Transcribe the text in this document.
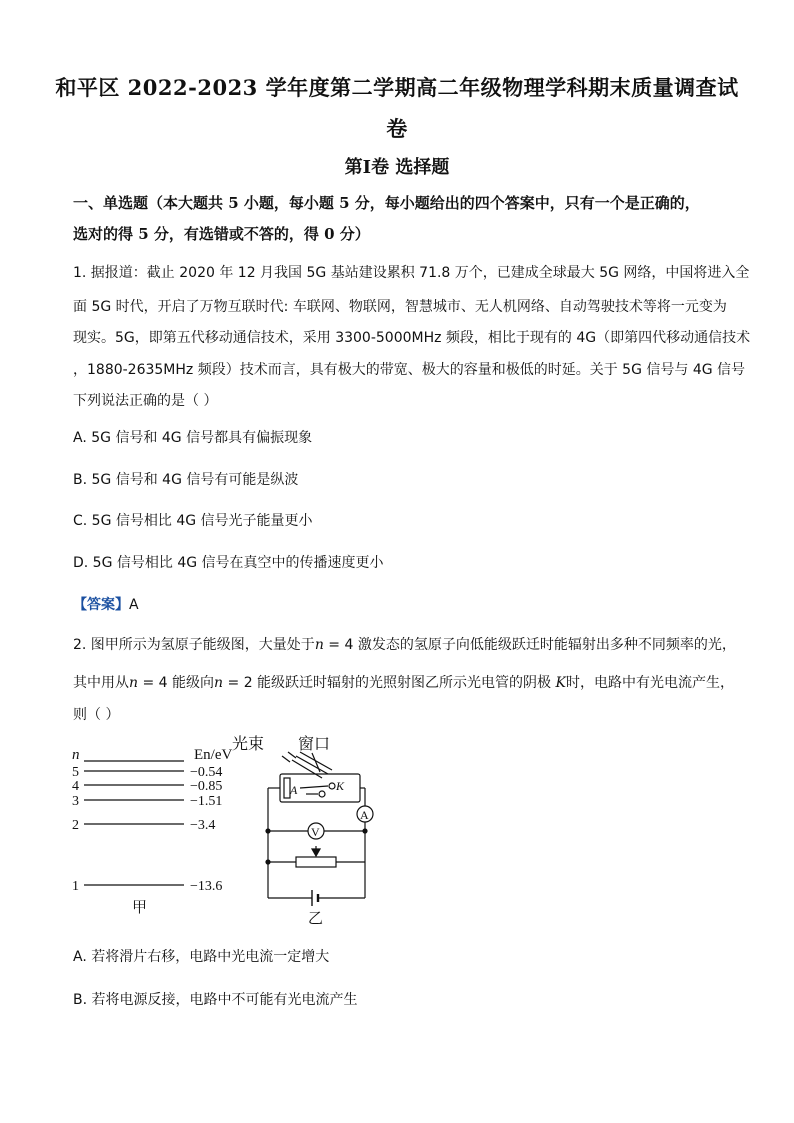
和平区 2022-2023 学年度第二学期高二年级物理学科期末质量调查试
卷
第Ⅰ卷 选择题
一、单选题（本大题共 5 小题，每小题 5 分，每小题给出的四个答案中，只有一个是正确的，
选对的得 5 分，有选错或不答的，得 0 分）
1. 据报道：截止 2020 年 12 月我国 5G 基站建设累积 71.8 万个，已建成全球最大 5G 网络，中国将进入全
面 5G 时代，开启了万物互联时代: 车联网、物联网，智慧城市、无人机网络、自动驾驶技术等将一元变为
现实。5G，即第五代移动通信技术，采用 3300-5000MHz 频段，相比于现有的 4G（即第四代移动通信技术
，1880-2635MHz 频段）技术而言，具有极大的带宽、极大的容量和极低的时延。关于 5G 信号与 4G 信号
下列说法正确的是（ ）
A. 5G 信号和 4G 信号都具有偏振现象
B. 5G 信号和 4G 信号有可能是纵波
C. 5G 信号相比 4G 信号光子能量更小
D. 5G 信号相比 4G 信号在真空中的传播速度更小
【答案】A
2. 图甲所示为氢原子能级图，大量处于n = 4 激发态的氢原子向低能级跃迁时能辐射出多种不同频率的光，
其中用从n = 4 能级向n = 2 能级跃迁时辐射的光照射图乙所示光电管的阴极 K时，电路中有光电流产生，
则（ ）
n	En/eV
5	−0.54
4	−0.85
3	−1.51
2	−3.4
1	−13.6
甲
光束 窗口
A	K
A
V
乙
A. 若将滑片右移，电路中光电流一定增大
B. 若将电源反接，电路中不可能有光电流产生
